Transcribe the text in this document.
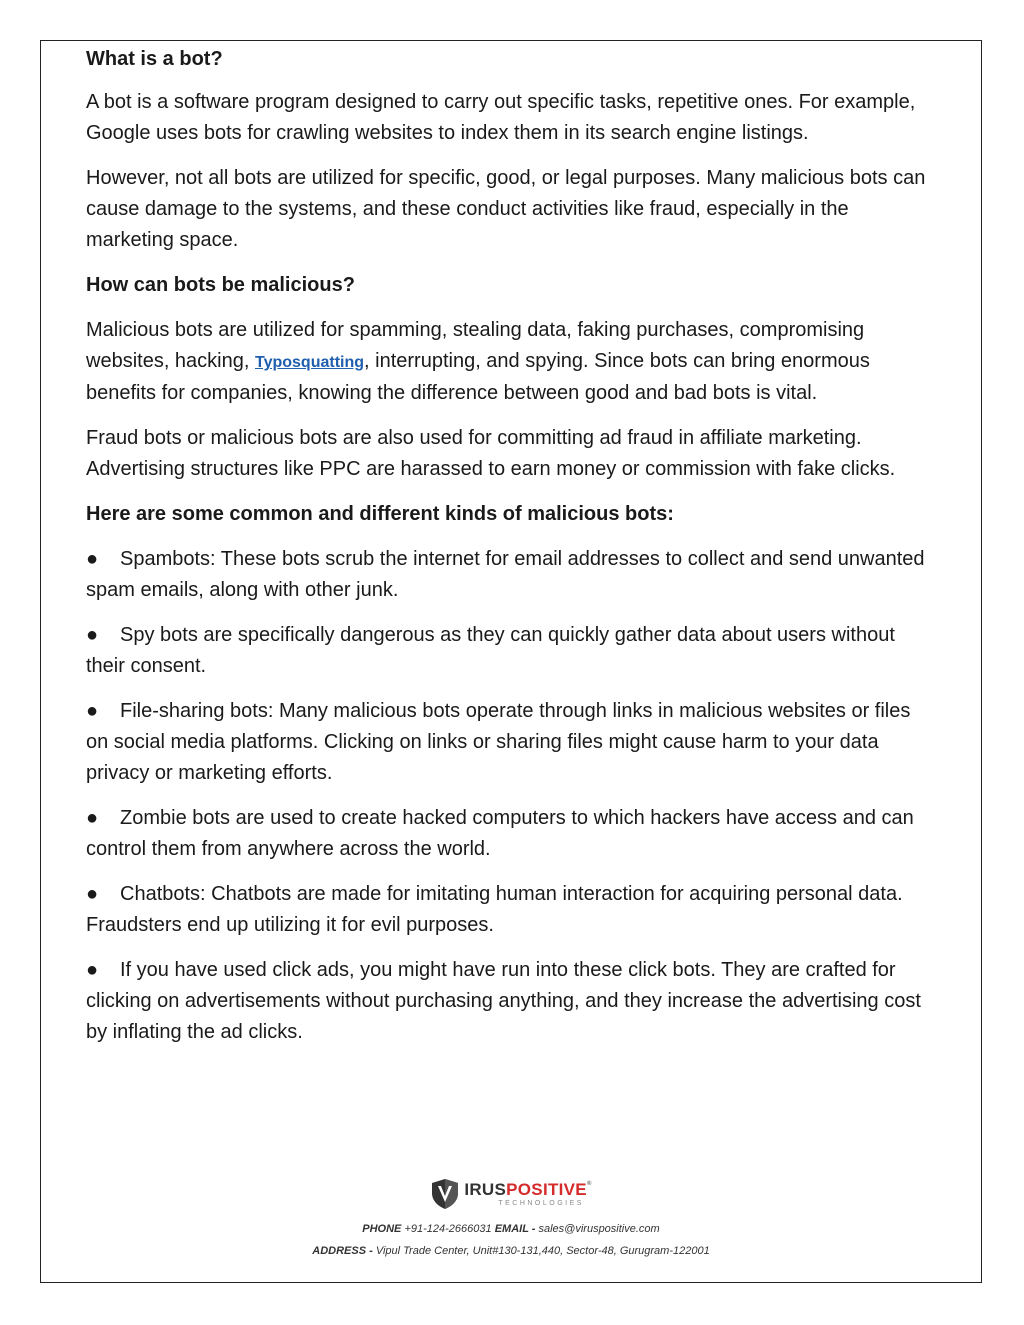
What is a bot?

A bot is a software program designed to carry out specific tasks, repetitive ones. For example, Google uses bots for crawling websites to index them in its search engine listings.

However, not all bots are utilized for specific, good, or legal purposes. Many malicious bots can cause damage to the systems, and these conduct activities like fraud, especially in the marketing space.

How can bots be malicious?

Malicious bots are utilized for spamming, stealing data, faking purchases, compromising websites, hacking, Typosquatting, interrupting, and spying. Since bots can bring enormous benefits for companies, knowing the difference between good and bad bots is vital.

Fraud bots or malicious bots are also used for committing ad fraud in affiliate marketing. Advertising structures like PPC are harassed to earn money or commission with fake clicks.

Here are some common and different kinds of malicious bots:

● Spambots: These bots scrub the internet for email addresses to collect and send unwanted spam emails, along with other junk.

● Spy bots are specifically dangerous as they can quickly gather data about users without their consent.

● File-sharing bots: Many malicious bots operate through links in malicious websites or files on social media platforms. Clicking on links or sharing files might cause harm to your data privacy or marketing efforts.

● Zombie bots are used to create hacked computers to which hackers have access and can control them from anywhere across the world.

● Chatbots: Chatbots are made for imitating human interaction for acquiring personal data. Fraudsters end up utilizing it for evil purposes.

● If you have used click ads, you might have run into these click bots. They are crafted for clicking on advertisements without purchasing anything, and they increase the advertising cost by inflating the ad clicks.

IRUSPOSITIVE®
TECHNOLOGIES
PHONE +91-124-2666031 EMAIL - sales@viruspositive.com
ADDRESS - Vipul Trade Center, Unit#130-131,440, Sector-48, Gurugram-122001
